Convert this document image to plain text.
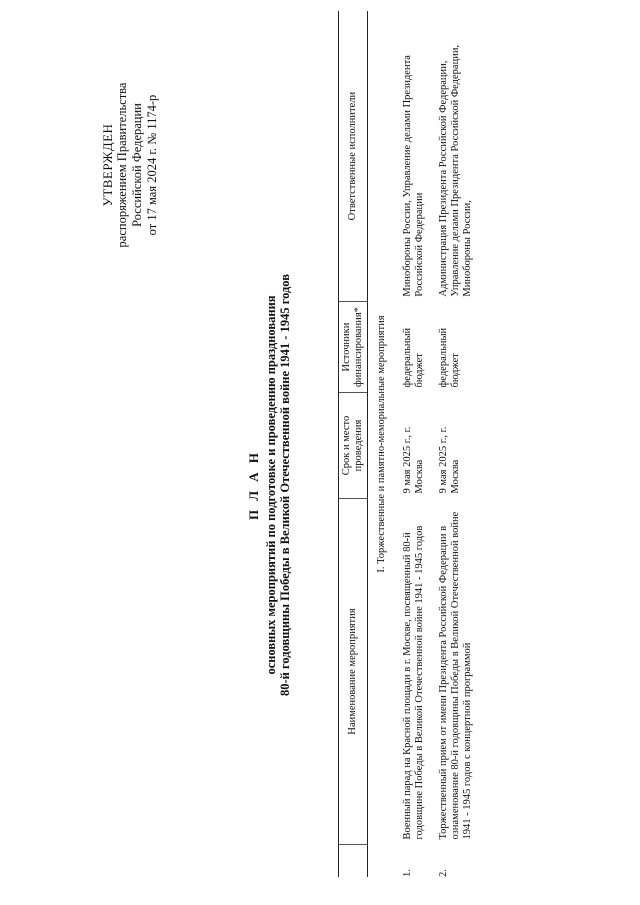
УТВЕРЖДЕН распоряжением Правительства Российской Федерации от 17 мая 2024 г. № 1174-р
П Л А Н основных мероприятий по подготовке и проведению празднования 80-й годовщины Победы в Великой Отечественной войне 1941 - 1945 годов
		Наименование мероприятия	Срок и место проведения	Источники финансирования*	Ответственные исполнители
I. Торжественные и памятно-мемориальные мероприятия				
1.	Военный парад на Красной площади в г. Москве, посвященный 80-й годовщине Победы в Великой Отечественной войне 1941 - 1945 годов	9 мая 2025 г., г. Москва	федеральный бюджет	Минобороны России, Управление делами Президента Российской Федерации
2.	Торжественный прием от имени Президента Российской Федерации в ознаменование 80-й годовщины Победы в Великой Отечественной войне 1941 - 1945 годов с концертной программой	9 мая 2025 г., г. Москва	федеральный бюджет	Администрация Президента Российской Федерации, Управление делами Президента Российской Федерации, Минобороны России,
